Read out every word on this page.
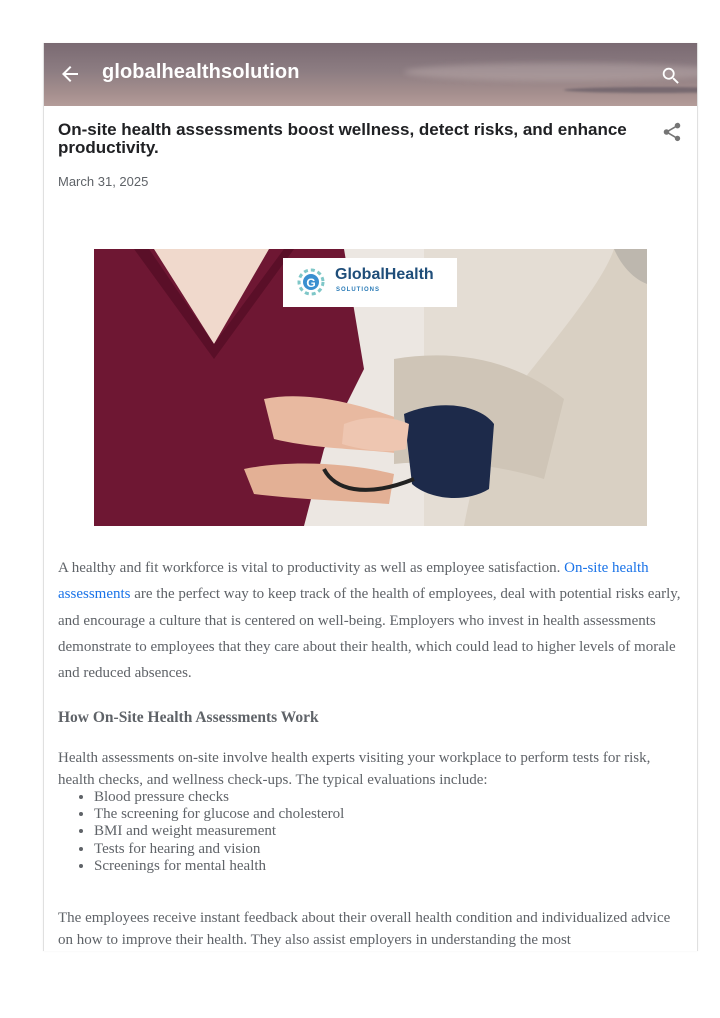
globalhealthsolution
On-site health assessments boost wellness, detect risks, and enhance productivity.
March 31, 2025
G GlobalHealth
SOLUTIONS
A healthy and fit workforce is vital to productivity as well as employee satisfaction. On-site health assessments are the perfect way to keep track of the health of employees, deal with potential risks early, and encourage a culture that is centered on well-being. Employers who invest in health assessments demonstrate to employees that they care about their health, which could lead to higher levels of morale and reduced absences.
How On-Site Health Assessments Work
Health assessments on-site involve health experts visiting your workplace to perform tests for risk, health checks, and wellness check-ups. The typical evaluations include:
• Blood pressure checks
• The screening for glucose and cholesterol
• BMI and weight measurement
• Tests for hearing and vision
• Screenings for mental health
The employees receive instant feedback about their overall health condition and individualized advice on how to improve their health. They also assist employers in understanding the most
